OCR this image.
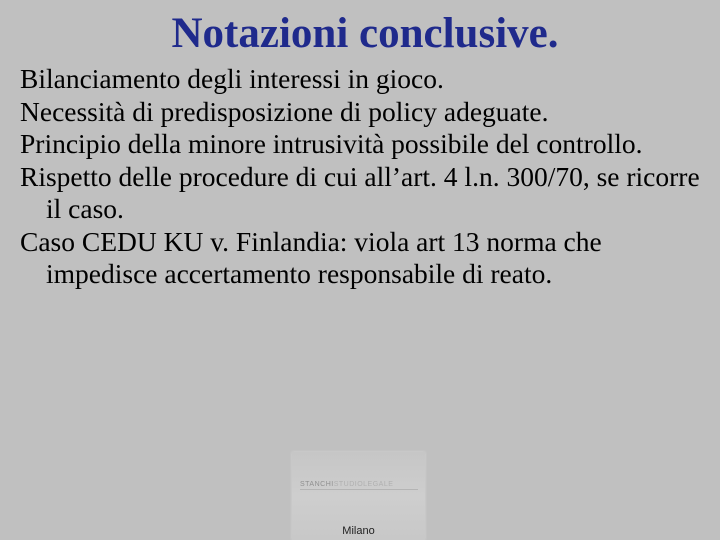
Notazioni conclusive.
Bilanciamento degli interessi in gioco.
Necessità di predisposizione di policy adeguate.
Principio della minore intrusività possibile del controllo.
Rispetto delle procedure di cui all’art. 4 l.n. 300/70, se ricorre il caso.
Caso CEDU KU v. Finlandia: viola art 13 norma che impedisce accertamento responsabile di reato.
STANCHISTUDIOLEGALE
Milano
